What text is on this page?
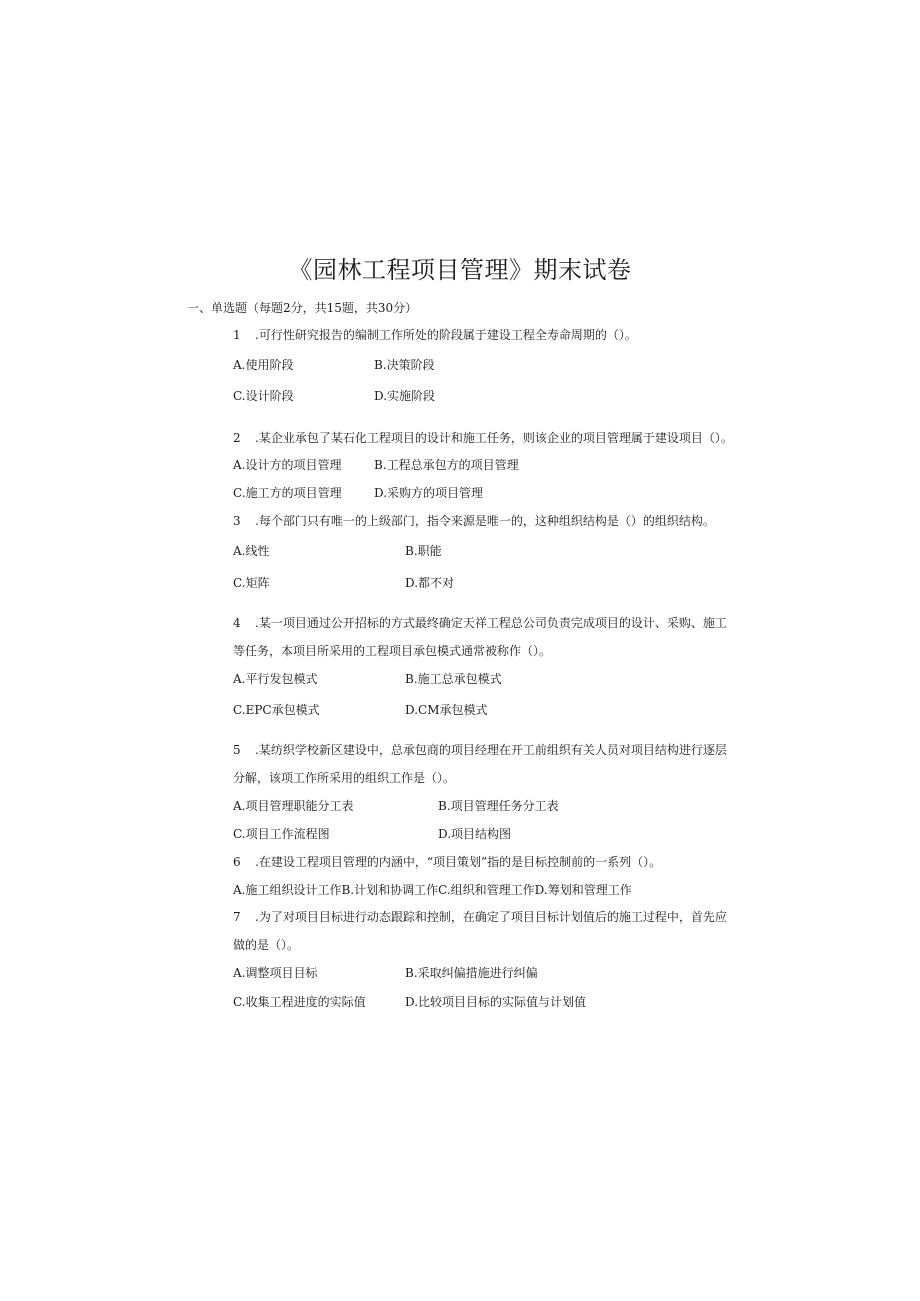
《园林工程项目管理》期末试卷
一、单选题（每题2分，共15题，共30分）
1 .可行性研究报告的编制工作所处的阶段属于建设工程全寿命周期的（）。
A.使用阶段	B.决策阶段
C.设计阶段	D.实施阶段
2 .某企业承包了某石化工程项目的设计和施工任务，则该企业的项目管理属于建设项目（）。
A.设计方的项目管理	B.工程总承包方的项目管理
C.施工方的项目管理	D.采购方的项目管理
3 .每个部门只有唯一的上级部门，指令来源是唯一的，这种组织结构是（）的组织结构。
A.线性	B.职能
C.矩阵	D.都不对
4 .某一项目通过公开招标的方式最终确定天祥工程总公司负责完成项目的设计、采购、施工
等任务，本项目所采用的工程项目承包模式通常被称作（）。
A.平行发包模式	B.施工总承包模式
C.EPC承包模式	D.CM承包模式
5 .某纺织学校新区建设中，总承包商的项目经理在开工前组织有关人员对项目结构进行逐层
分解，该项工作所采用的组织工作是（）。
A.项目管理职能分工表	B.项目管理任务分工表
C.项目工作流程图	D.项目结构图
6 .在建设工程项目管理的内涵中，“项目策划”指的是目标控制前的一系列（）。
A.施工组织设计工作B.计划和协调工作C.组织和管理工作D.筹划和管理工作
7 .为了对项目目标进行动态跟踪和控制，在确定了项目目标计划值后的施工过程中，首先应
做的是（）。
A.调整项目目标	B.采取纠偏措施进行纠偏
C.收集工程进度的实际值	D.比较项目目标的实际值与计划值
